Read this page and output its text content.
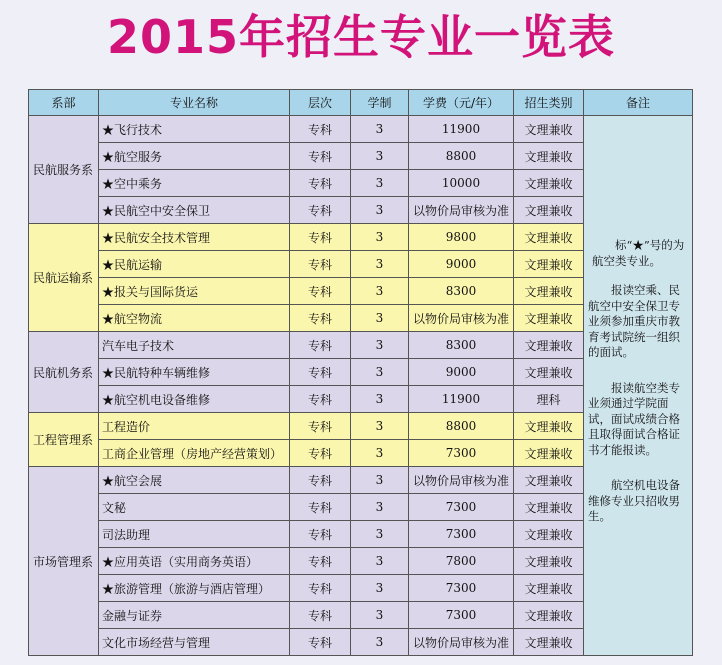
2015年招生专业一览表
系部	专业名称	层次	学制	学费（元/年）	招生类别	备注
民航服务系	★飞行技术	专科	3	11900	文理兼收	标“★”号的为航空类专业。

报读空乘、民航空中安全保卫专业须参加重庆市教育考试院统一组织的面试。

报读航空类专业须通过学院面试，面试成绩合格且取得面试合格证书才能报读。

航空机电设备维修专业只招收男生。

	★航空服务	专科	3	8800	文理兼收	
	★空中乘务	专科	3	10000	文理兼收	
	★民航空中安全保卫	专科	3	以物价局审核为准	文理兼收	
民航运输系	★民航安全技术管理	专科	3	9800	文理兼收	
	★民航运输	专科	3	9000	文理兼收	
	★报关与国际货运	专科	3	8300	文理兼收	
	★航空物流	专科	3	以物价局审核为准	文理兼收	
民航机务系	汽车电子技术	专科	3	8300	文理兼收	
	★民航特种车辆维修	专科	3	9000	文理兼收	
	★航空机电设备维修	专科	3	11900	理科	
工程管理系	工程造价	专科	3	8800	文理兼收	
	工商企业管理（房地产经营策划）	专科	3	7300	文理兼收	
市场管理系	★航空会展	专科	3	以物价局审核为准	文理兼收	
	文秘	专科	3	7300	文理兼收	
	司法助理	专科	3	7300	文理兼收	
	★应用英语（实用商务英语）	专科	3	7800	文理兼收	
	★旅游管理（旅游与酒店管理）	专科	3	7300	文理兼收	
	金融与证券	专科	3	7300	文理兼收	
	文化市场经营与管理	专科	3	以物价局审核为准	文理兼收	
